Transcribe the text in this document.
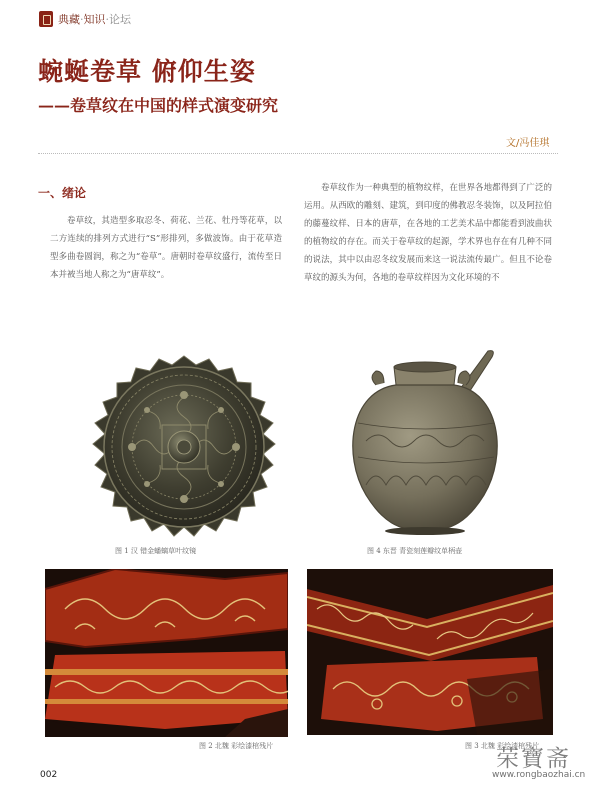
典藏·知识·论坛
蜿蜒卷草 俯仰生姿
——卷草纹在中国的样式演变研究
文/冯佳琪
一、绪论
卷草纹，其造型多取忍冬、荷花、兰花、牡丹等花草，以二方连续的排列方式进行“S”形排列，多做波饰。由于花草造型多曲卷圆润，称之为“卷草”。唐朝时卷草纹盛行，流传至日本并被当地人称之为“唐草纹”。
卷草纹作为一种典型的植物纹样，在世界各地都得到了广泛的运用。从西欧的雕刻、建筑，到印度的佛教忍冬装饰，以及阿拉伯的藤蔓纹样、日本的唐草，在各地的工艺美术品中都能看到波曲状的植物纹的存在。而关于卷草纹的起源，学术界也存在有几种不同的说法，其中以由忍冬纹发展而来这一说法流传最广。但且不论卷草纹的源头为何，各地的卷草纹样因为文化环境的不
图 1 汉 错金蟠螭草叶纹镜	图 4 东晋 青瓷刻莲瓣纹单柄壶
图 2 北魏 彩绘漆棺残片	图 3 北魏 彩绘漆棺残片
002
荣寶斋
www.rongbaozhai.cn
